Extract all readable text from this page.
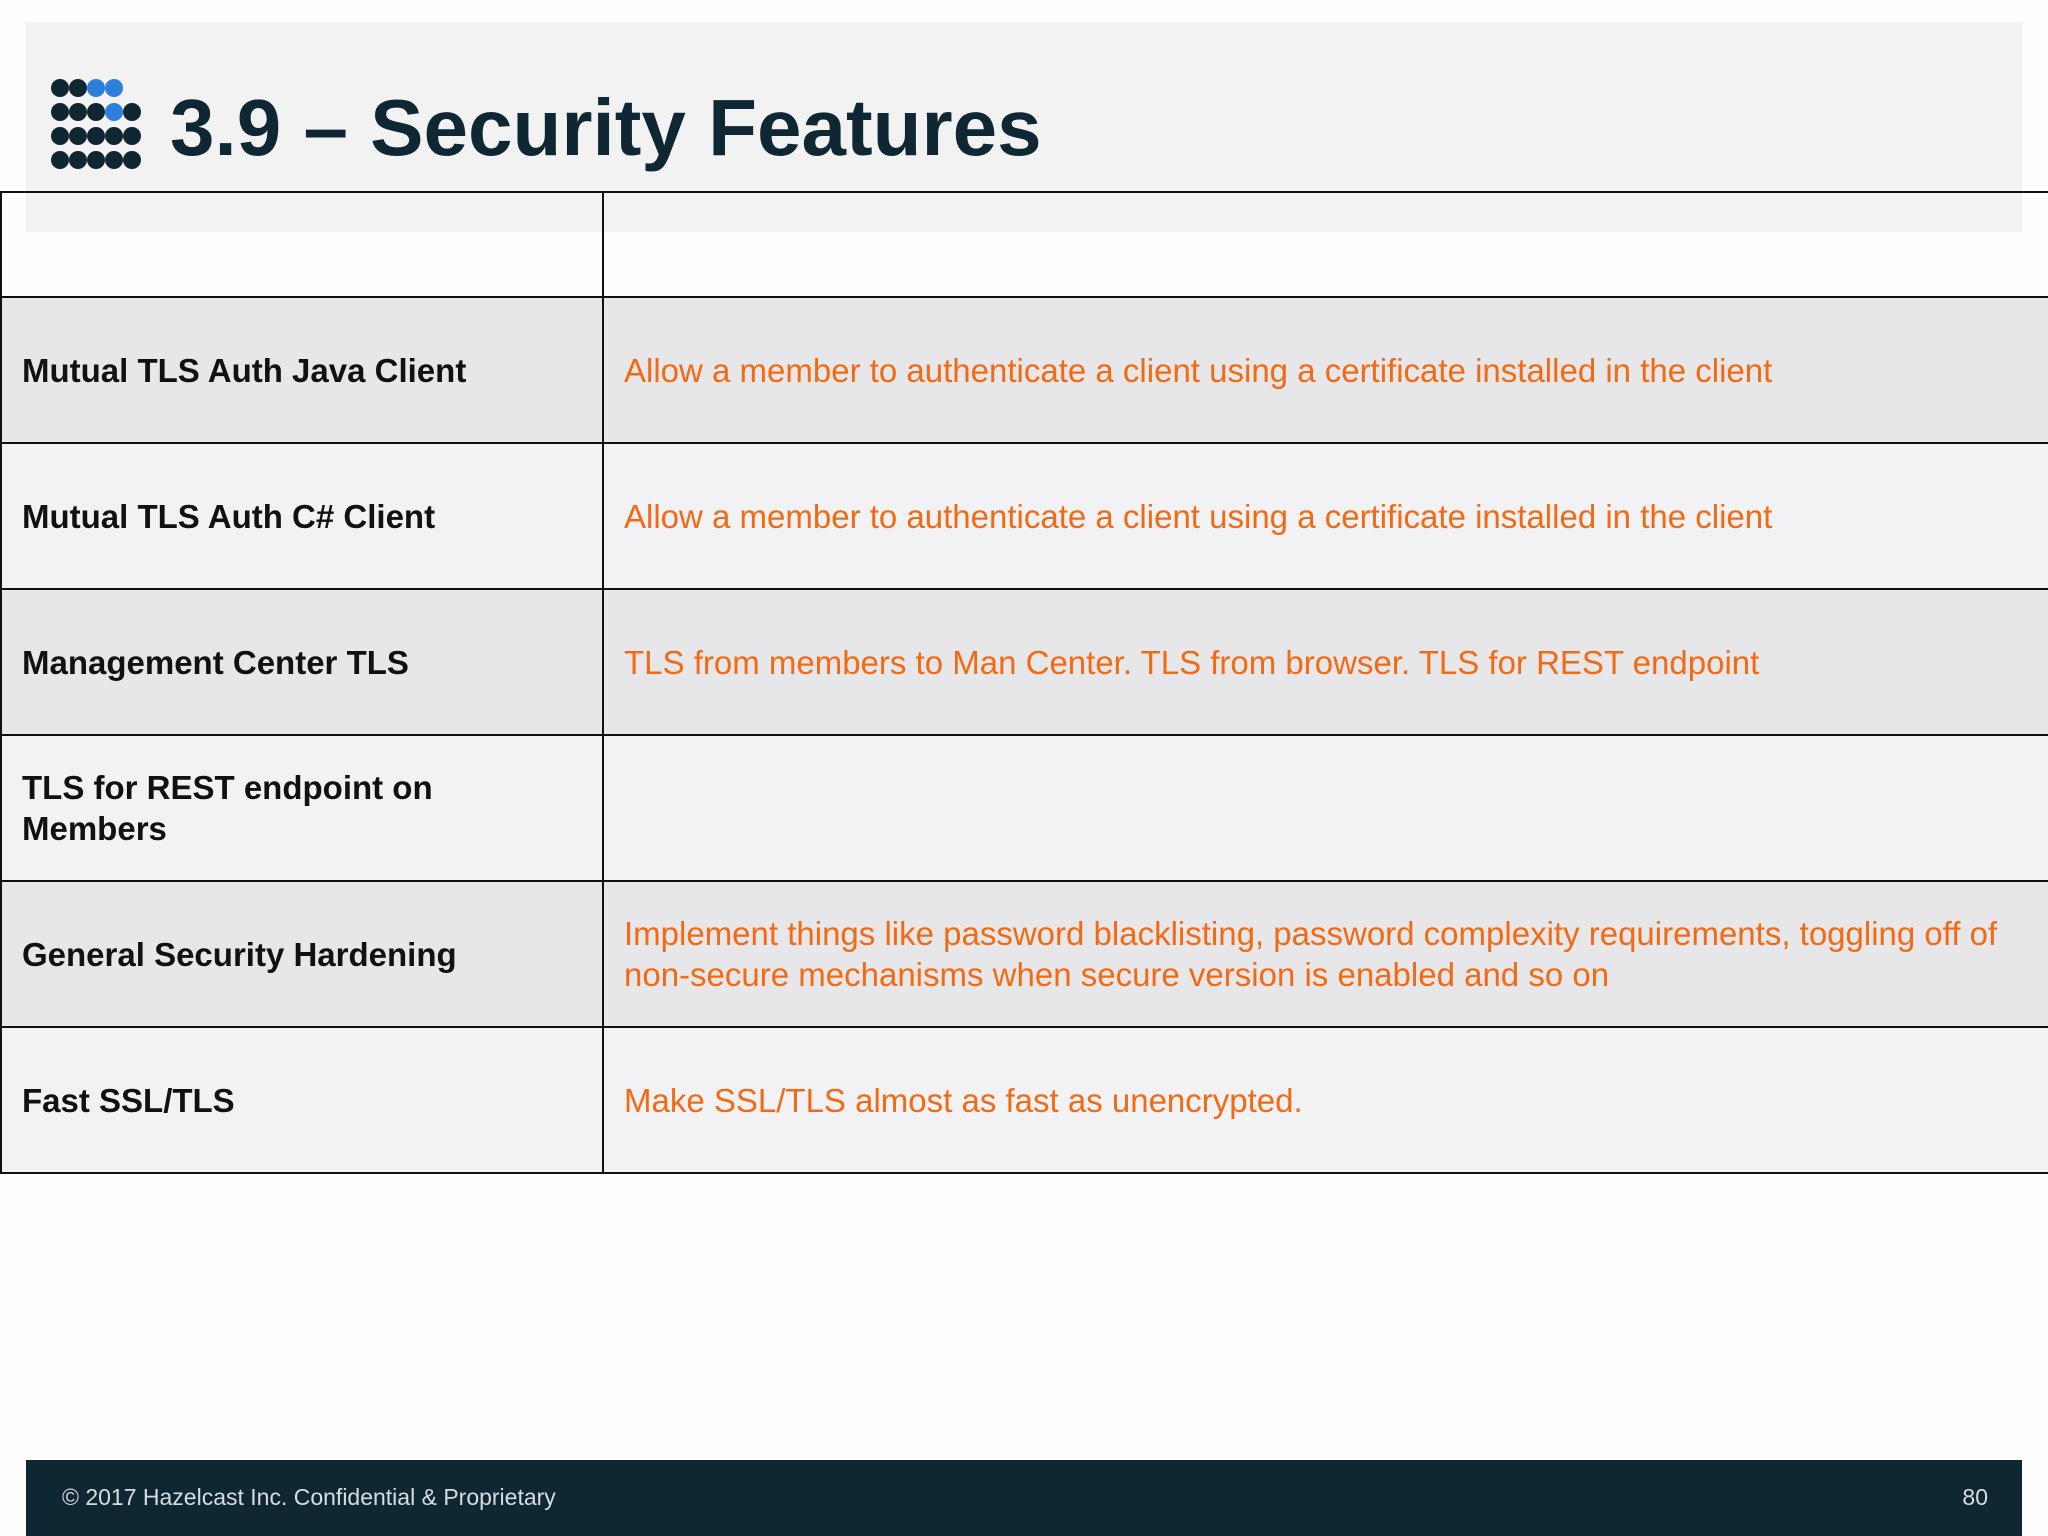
3.9 – Security Features

Mutual TLS Auth Java Client	Allow a member to authenticate a client using a certificate installed in the client
Mutual TLS Auth C# Client	Allow a member to authenticate a client using a certificate installed in the client
Management Center TLS	TLS from members to Man Center. TLS from browser. TLS for REST endpoint
TLS for REST endpoint on Members	
General Security Hardening	Implement things like password blacklisting, password complexity requirements, toggling off of non-secure mechanisms when secure version is enabled and so on
Fast SSL/TLS	Make SSL/TLS almost as fast as unencrypted.
© 2017 Hazelcast Inc. Confidential & Proprietary	80
